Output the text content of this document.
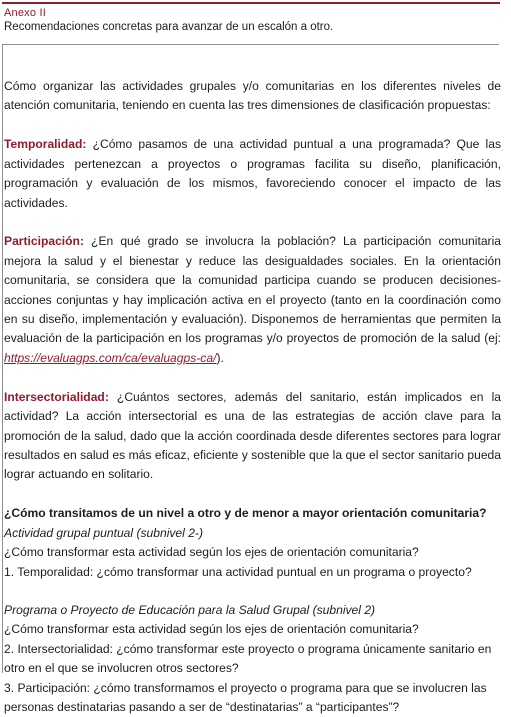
Anexo II
Recomendaciones concretas para avanzar de un escalón a otro.

Cómo organizar las actividades grupales y/o comunitarias en los diferentes niveles de atención comunitaria, teniendo en cuenta las tres dimensiones de clasificación propuestas:

Temporalidad: ¿Cómo pasamos de una actividad puntual a una programada? Que las actividades pertenezcan a proyectos o programas facilita su diseño, planificación, programación y evaluación de los mismos, favoreciendo conocer el impacto de las actividades.

Participación: ¿En qué grado se involucra la población? La participación comunitaria mejora la salud y el bienestar y reduce las desigualdades sociales. En la orientación comunitaria, se considera que la comunidad participa cuando se producen decisiones-acciones conjuntas y hay implicación activa en el proyecto (tanto en la coordinación como en su diseño, implementación y evaluación). Disponemos de herramientas que permiten la evaluación de la participación en los programas y/o proyectos de promoción de la salud (ej: https://evaluagps.com/ca/evaluagps-ca/).

Intersectorialidad: ¿Cuántos sectores, además del sanitario, están implicados en la actividad? La acción intersectorial es una de las estrategias de acción clave para la promoción de la salud, dado que la acción coordinada desde diferentes sectores para lograr resultados en salud es más eficaz, eficiente y sostenible que la que el sector sanitario pueda lograr actuando en solitario.

¿Cómo transitamos de un nivel a otro y de menor a mayor orientación comunitaria?

Actividad grupal puntual (subnivel 2-)

¿Cómo transformar esta actividad según los ejes de orientación comunitaria?

1. Temporalidad: ¿cómo transformar una actividad puntual en un programa o proyecto?

Programa o Proyecto de Educación para la Salud Grupal (subnivel 2)

¿Cómo transformar esta actividad según los ejes de orientación comunitaria?

2. Intersectorialidad: ¿cómo transformar este proyecto o programa únicamente sanitario en otro en el que se involucren otros sectores?

3. Participación: ¿cómo transformamos el proyecto o programa para que se involucren las personas destinatarias pasando a ser de “destinatarias” a “participantes”?
